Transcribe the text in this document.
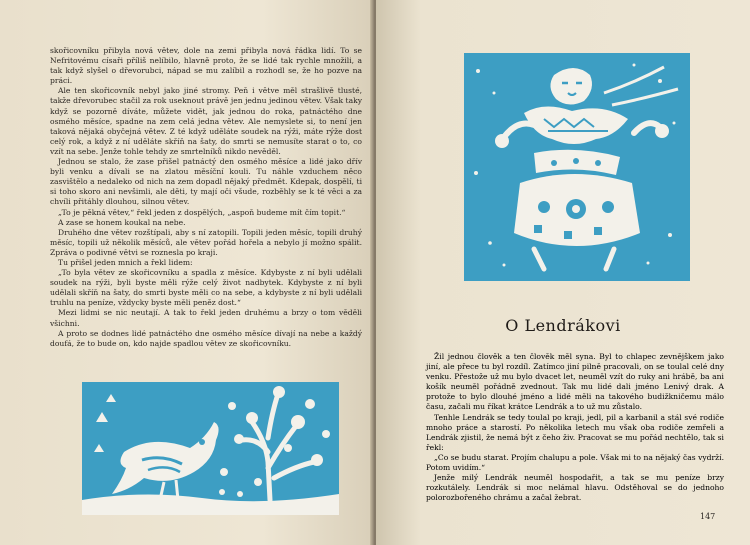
skořicovníku přibyla nová větev, dole na zemi přibyla nová řádka lidí. To se Nefritovému císaři příliš nelíbilo, hlavně proto, že se lidé tak rychle množili, a tak když slyšel o dřevorubci, nápad se mu zalíbil a rozhodl se, že ho pozve na práci.

Ale ten skořicovník nebyl jako jiné stromy. Peň i větve měl strašlivě tlusté, takže dřevorubec stačil za rok useknout právě jen jednu jedinou větev. Však taky když se pozorně díváte, můžete vidět, jak jednou do roka, patnáctého dne osmého měsíce, spadne na zem celá jedna větev. Ale nemyslete si, to není jen taková nějaká obyčejná větev. Z té když uděláte soudek na rýži, máte rýže dost celý rok, a když z ní uděláte skříň na šaty, do smrti se nemusíte starat o to, co vzít na sebe. Jenže tohle tehdy ze smrtelníků nikdo nevěděl.

Jednou se stalo, že zase přišel patnáctý den osmého měsíce a lidé jako dřív byli venku a dívali se na zlatou měsíční kouli. Tu náhle vzduchem něco zasvištělo a nedaleko od nich na zem dopadl nějaký předmět. Kdepak, dospělí, ti si toho skoro ani nevšimli, ale děti, ty mají oči všude, rozběhly se k té věci a za chvíli přitáhly dlouhou, silnou větev.

„To je pěkná větev,“ řekl jeden z dospělých, „aspoň budeme mít čím topit.“

A zase se honem koukal na nebe.

Druhého dne větev rozštípali, aby s ní zatopili. Topili jeden měsíc, topili druhý měsíc, topili už několik měsíců, ale větev pořád hořela a nebylo jí možno spálit. Zpráva o podivné větvi se roznesla po kraji.

Tu přišel jeden mnich a řekl lidem:

„To byla větev ze skořicovníku a spadla z měsíce. Kdybyste z ní byli udělali soudek na rýži, byli byste měli rýže celý život nadbytek. Kdybyste z ní byli udělali skříň na šaty, do smrti byste měli co na sebe, a kdybyste z ní byli udělali truhlu na peníze, vždycky byste měli peněz dost.“

Mezi lidmi se nic neutají. A tak to řekl jeden druhému a brzy o tom věděli všichni.

A proto se dodnes lidé patnáctého dne osmého měsíce dívají na nebe a každý doufá, že to bude on, kdo najde spadlou větev ze skořicovníku.

O Lendrákovi

Žil jednou člověk a ten člověk měl syna. Byl to chlapec zevnějškem jako jiní, ale přece tu byl rozdíl. Zatímco jiní pilně pracovali, on se toulal celé dny venku. Přestože už mu bylo dvacet let, neuměl vzít do ruky ani hrábě, ba ani košík neuměl pořádně zvednout. Tak mu lidé dali jméno Lenivý drak. A protože to bylo dlouhé jméno a lidé měli na takového budižkničemu málo času, začali mu říkat krátce Lendrák a to už mu zůstalo.

Tenhle Lendrák se tedy toulal po kraji, jedl, pil a karbanil a stál své rodiče mnoho práce a starostí. Po několika letech mu však oba rodiče zemřeli a Lendrák zjistil, že nemá být z čeho živ. Pracovat se mu pořád nechtělo, tak si řekl:

„Co se budu starat. Projím chalupu a pole. Však mi to na nějaký čas vydrží. Potom uvidím.“

Jenže milý Lendrák neuměl hospodařit, a tak se mu peníze brzy rozkutálely. Lendrák si moc nelámal hlavu. Odstěhoval se do jednoho polorozbořeného chrámu a začal žebrat.

147
